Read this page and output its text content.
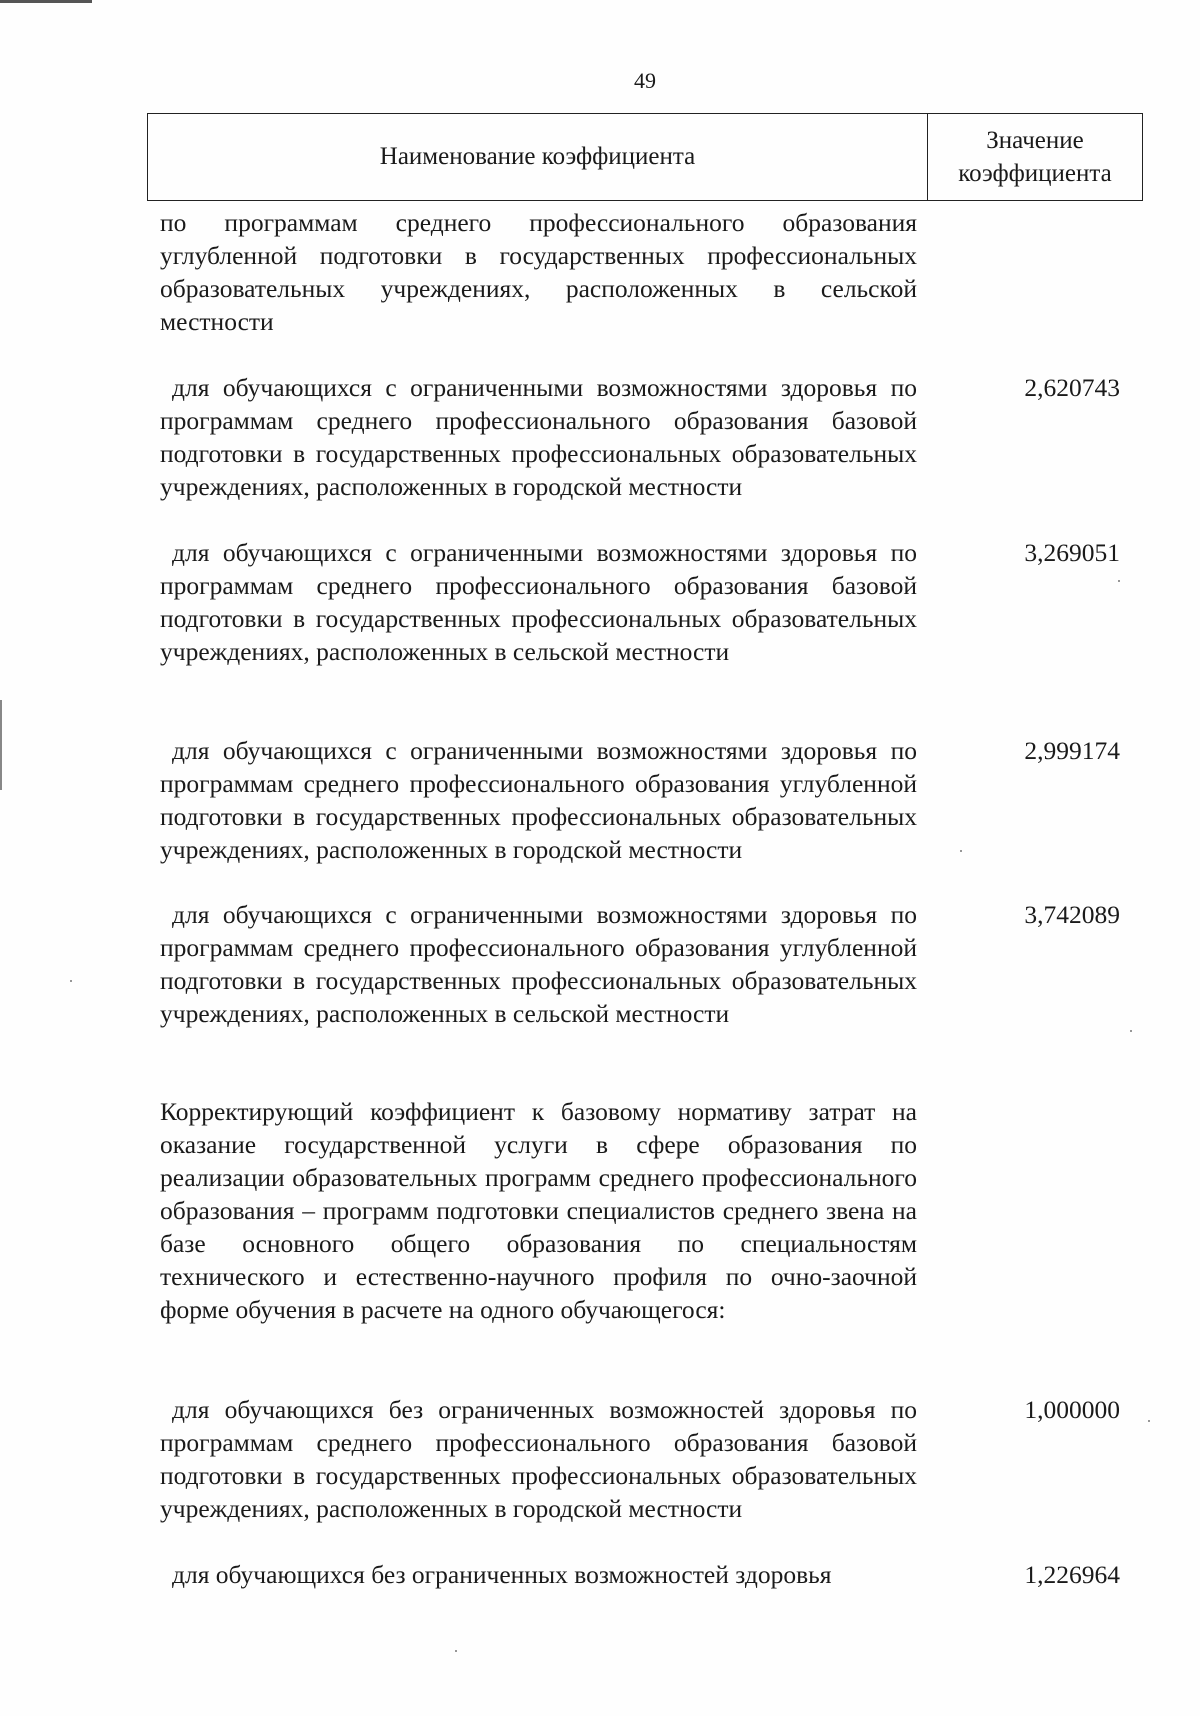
49
Наименование коэффициента
Значение коэффициента
по программам среднего профессионального образования углубленной подготовки в государственных профессиональных образовательных учреждениях, расположенных в сельской местности
для обучающихся с ограниченными возможностями здоровья по программам среднего профессионального образования базовой подготовки в государственных профессиональных образовательных учреждениях, расположенных в городской местности
2,620743
для обучающихся с ограниченными возможностями здоровья по программам среднего профессионального образования базовой подготовки в государственных профессиональных образовательных учреждениях, расположенных в сельской местности
3,269051
для обучающихся с ограниченными возможностями здоровья по программам среднего профессионального образования углубленной подготовки в государственных профессиональных образовательных учреждениях, расположенных в городской местности
2,999174
для обучающихся с ограниченными возможностями здоровья по программам среднего профессионального образования углубленной подготовки в государственных профессиональных образовательных учреждениях, расположенных в сельской местности
3,742089
Корректирующий коэффициент к базовому нормативу затрат на оказание государственной услуги в сфере образования по реализации образовательных программ среднего профессионального образования – программ подготовки специалистов среднего звена на базе основного общего образования по специальностям технического и естественно-научного профиля по очно-заочной форме обучения в расчете на одного обучающегося:
для обучающихся без ограниченных возможностей здоровья по программам среднего профессионального образования базовой подготовки в государственных профессиональных образовательных учреждениях, расположенных в городской местности
1,000000
для обучающихся без ограниченных возможностей здоровья	1,226964
